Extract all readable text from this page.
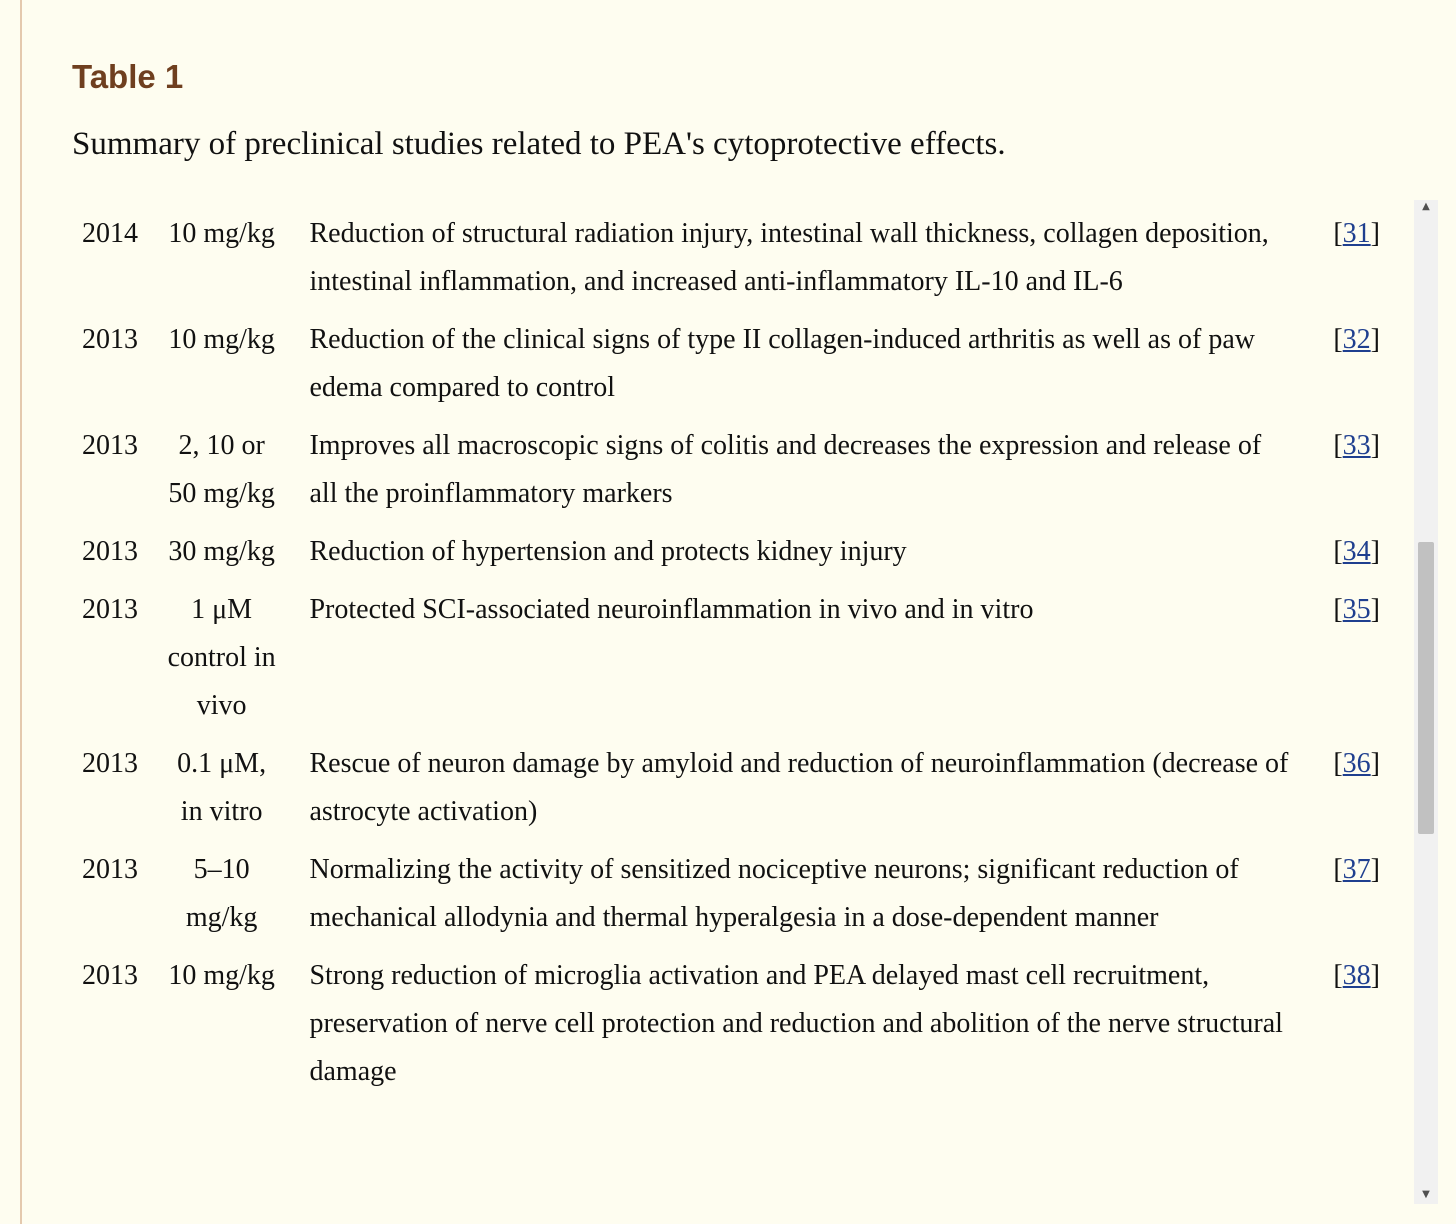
Table 1

Summary of preclinical studies related to PEA's cytoprotective effects.

2014	10 mg/kg	Reduction of structural radiation injury, intestinal wall thickness, collagen deposition, intestinal inflammation, and increased anti-inflammatory IL-10 and IL-6	[31]
2013	10 mg/kg	Reduction of the clinical signs of type II collagen-induced arthritis as well as of paw edema compared to control	[32]
2013	2, 10 or 50 mg/kg	Improves all macroscopic signs of colitis and decreases the expression and release of all the proinflammatory markers	[33]
2013	30 mg/kg	Reduction of hypertension and protects kidney injury	[34]
2013	1 μM control in vivo	Protected SCI-associated neuroinflammation in vivo and in vitro	[35]
2013	0.1 μM, in vitro	Rescue of neuron damage by amyloid and reduction of neuroinflammation (decrease of astrocyte activation)	[36]
2013	5–10 mg/kg	Normalizing the activity of sensitized nociceptive neurons; significant reduction of mechanical allodynia and thermal hyperalgesia in a dose-dependent manner	[37]
2013	10 mg/kg	Strong reduction of microglia activation and PEA delayed mast cell recruitment, preservation of nerve cell protection and reduction and abolition of the nerve structural damage	[38]
▲
▼
